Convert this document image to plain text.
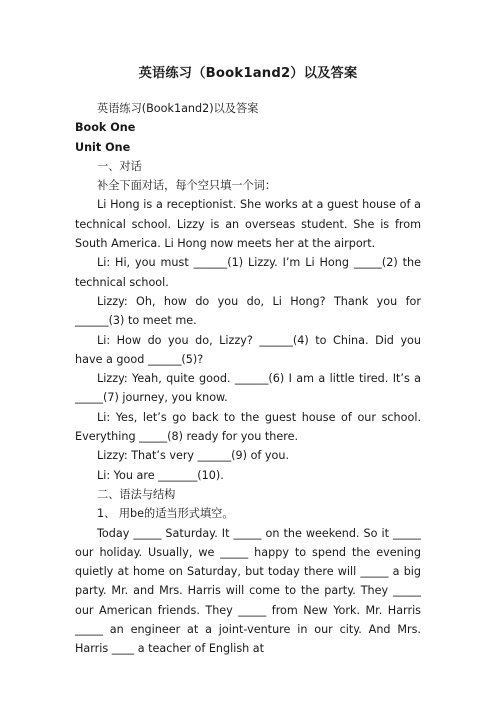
英语练习（Book1and2）以及答案

英语练习(Book1and2)以及答案

Book One

Unit One

一、对话

补全下面对话，每个空只填一个词：

Li Hong is a receptionist. She works at a guest house of a technical school. Lizzy is an overseas student. She is from South America. Li Hong now meets her at the airport.

Li: Hi, you must ______(1) Lizzy. I’m Li Hong _____(2) the technical school.

Lizzy: Oh, how do you do, Li Hong? Thank you for ______(3) to meet me.

Li: How do you do, Lizzy? ______(4) to China. Did you have a good ______(5)?

Lizzy: Yeah, quite good. ______(6) I am a little tired. It’s a _____(7) journey, you know.

Li: Yes, let’s go back to the guest house of our school. Everything _____(8) ready for you there.

Lizzy: That’s very ______(9) of you.

Li: You are _______(10).

二、语法与结构

1、 用be的适当形式填空。

Today _____ Saturday. It _____ on the weekend. So it _____ our holiday. Usually, we _____ happy to spend the evening quietly at home on Saturday, but today there will _____ a big party. Mr. and Mrs. Harris will come to the party. They _____ our American friends. They _____ from New York. Mr. Harris _____ an engineer at a joint-venture in our city. And Mrs. Harris ____ a teacher of English at
